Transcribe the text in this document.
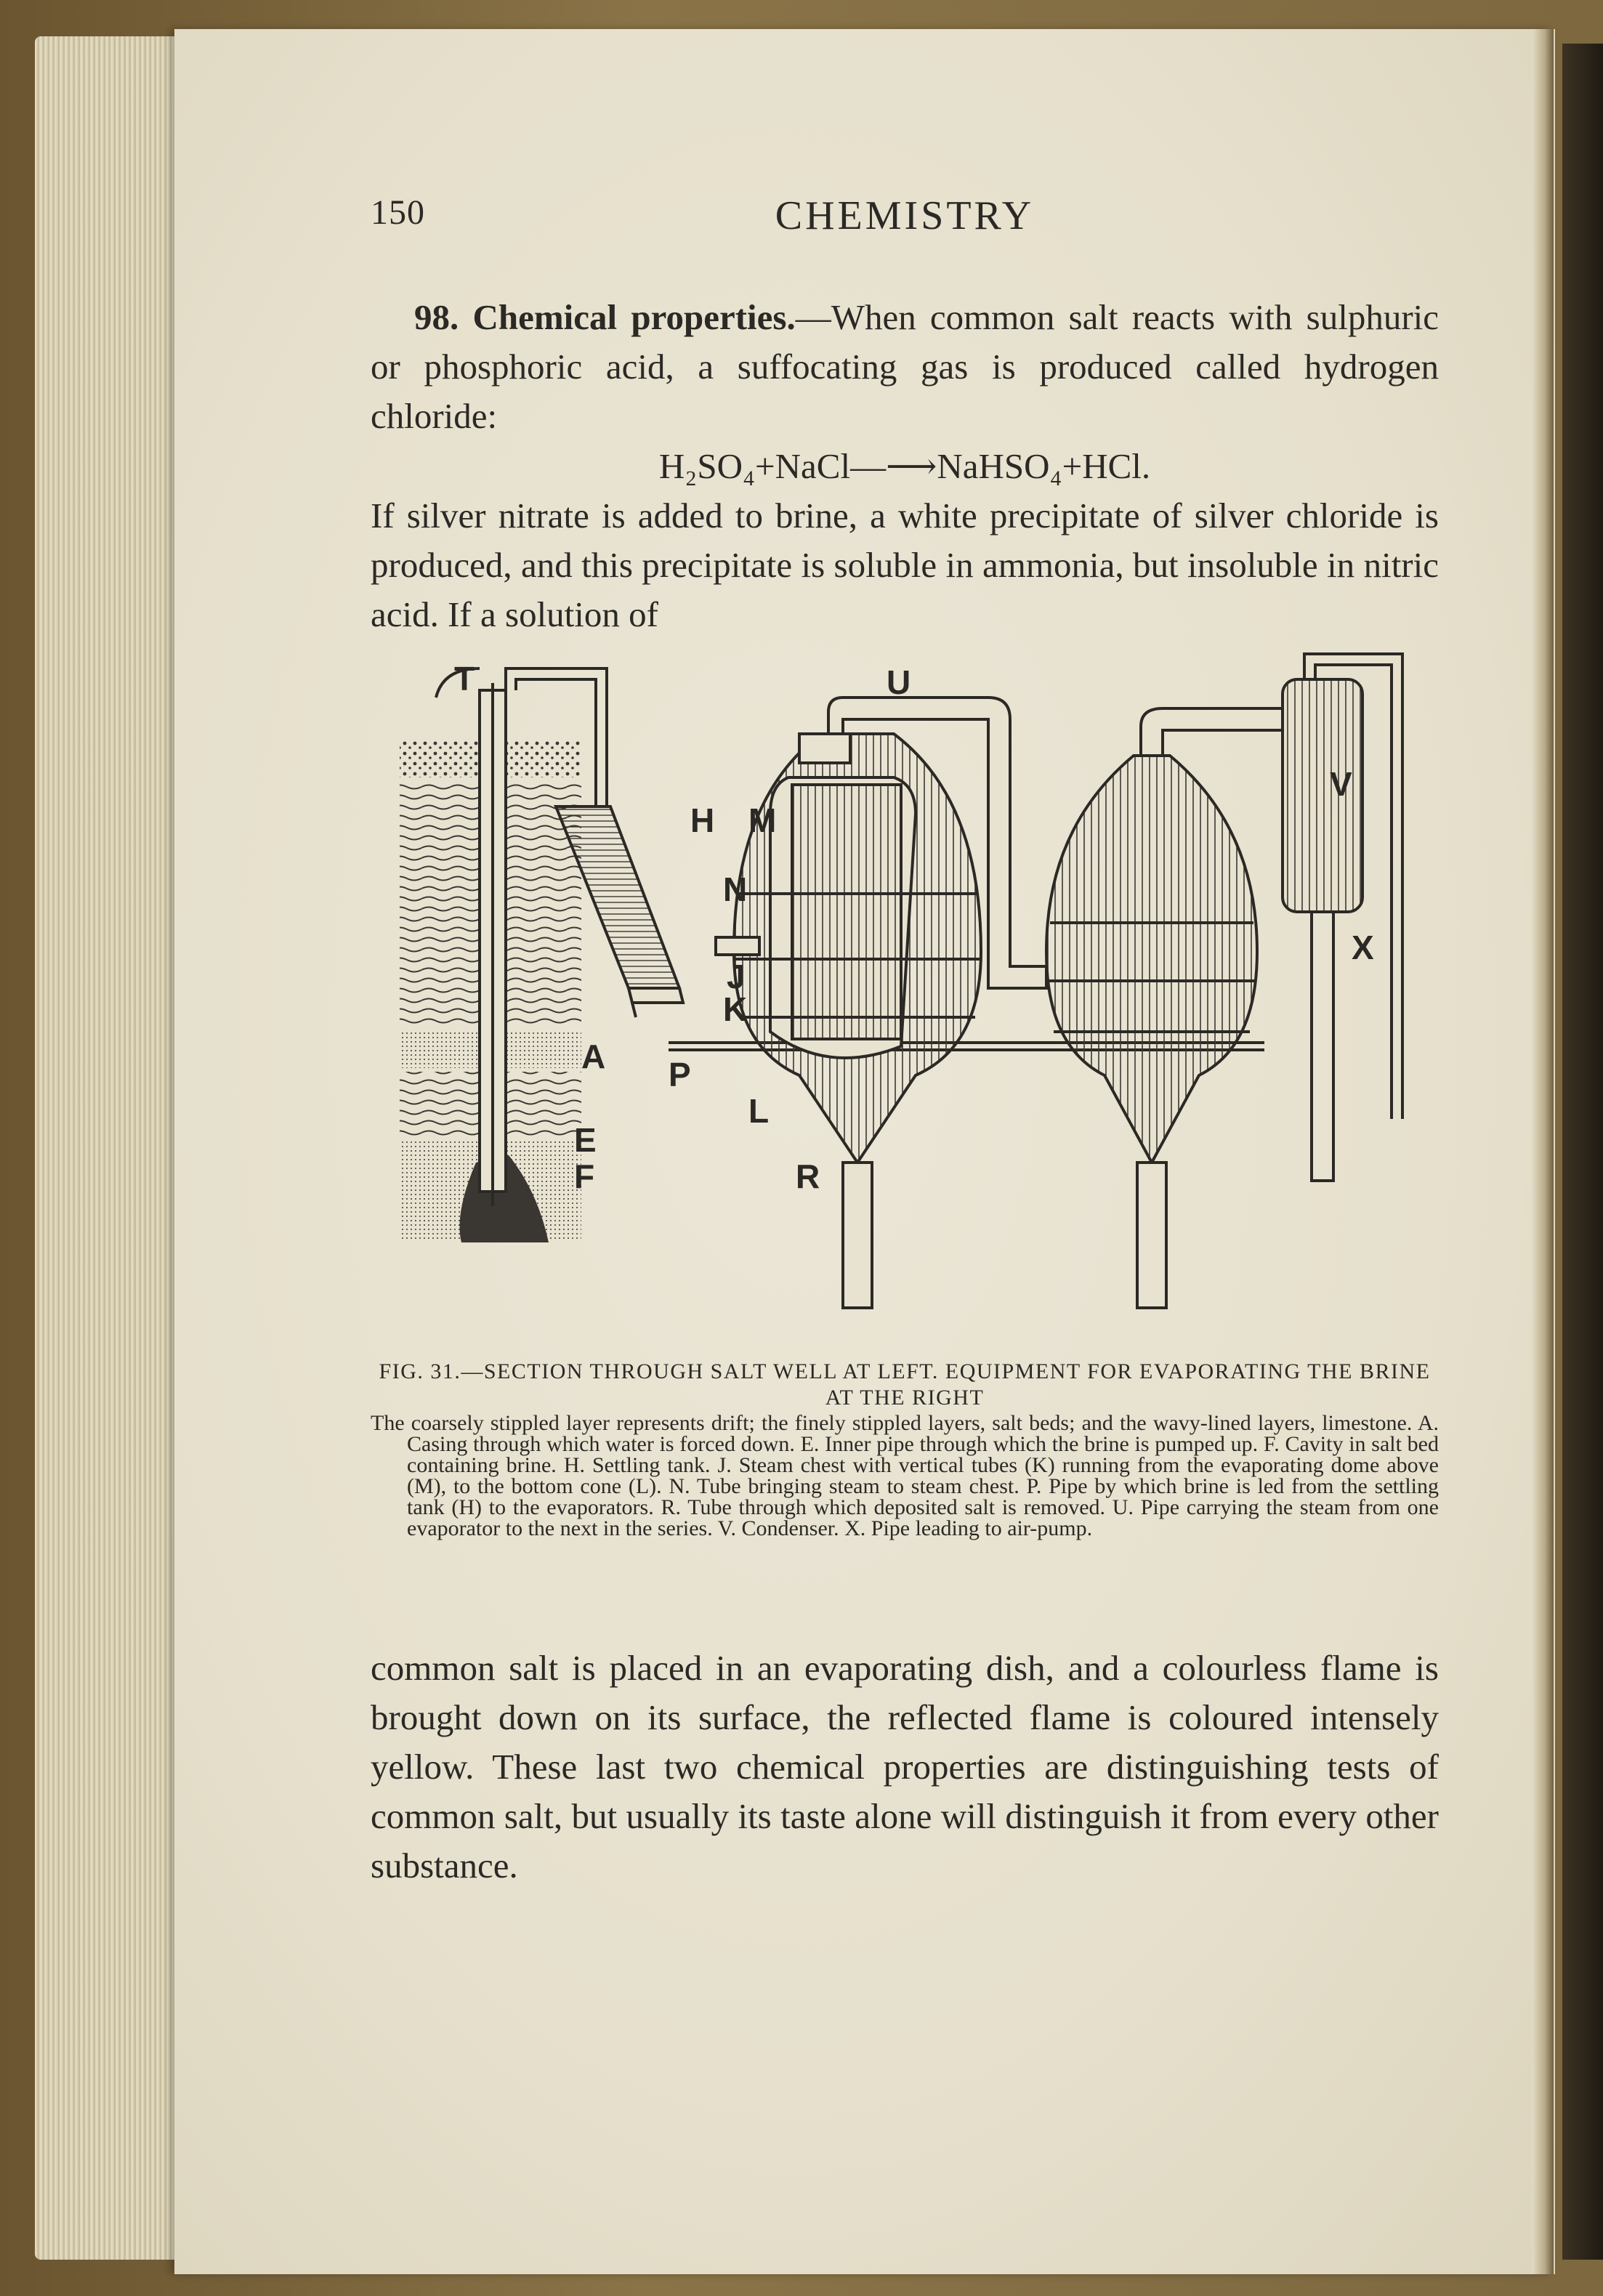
150	CHEMISTRY

98. Chemical properties.—When common salt reacts with sulphuric or phosphoric acid, a suffocating gas is produced called hydrogen chloride:

H₂SO₄+NaCl—⟶NaHSO₄+HCl.

If silver nitrate is added to brine, a white precipitate of silver chloride is produced, and this precipitate is soluble in ammonia, but insoluble in nitric acid. If a solution of

T	U
V
H M
N
J
K
X
A P
L
E
F	R
FIG. 31.—SECTION THROUGH SALT WELL AT LEFT. EQUIPMENT FOR EVAPORATING THE BRINE AT THE RIGHT
The coarsely stippled layer represents drift; the finely stippled layers, salt beds; and the wavy-lined layers, limestone. A. Casing through which water is forced down. E. Inner pipe through which the brine is pumped up. F. Cavity in salt bed containing brine. H. Settling tank. J. Steam chest with vertical tubes (K) running from the evaporating dome above (M), to the bottom cone (L). N. Tube bringing steam to steam chest. P. Pipe by which brine is led from the settling tank (H) to the evaporators. R. Tube through which deposited salt is removed. U. Pipe carrying the steam from one evaporator to the next in the series. V. Condenser. X. Pipe leading to air-pump.

common salt is placed in an evaporating dish, and a colourless flame is brought down on its surface, the reflected flame is coloured intensely yellow. These last two chemical properties are distinguishing tests of common salt, but usually its taste alone will distinguish it from every other substance.
